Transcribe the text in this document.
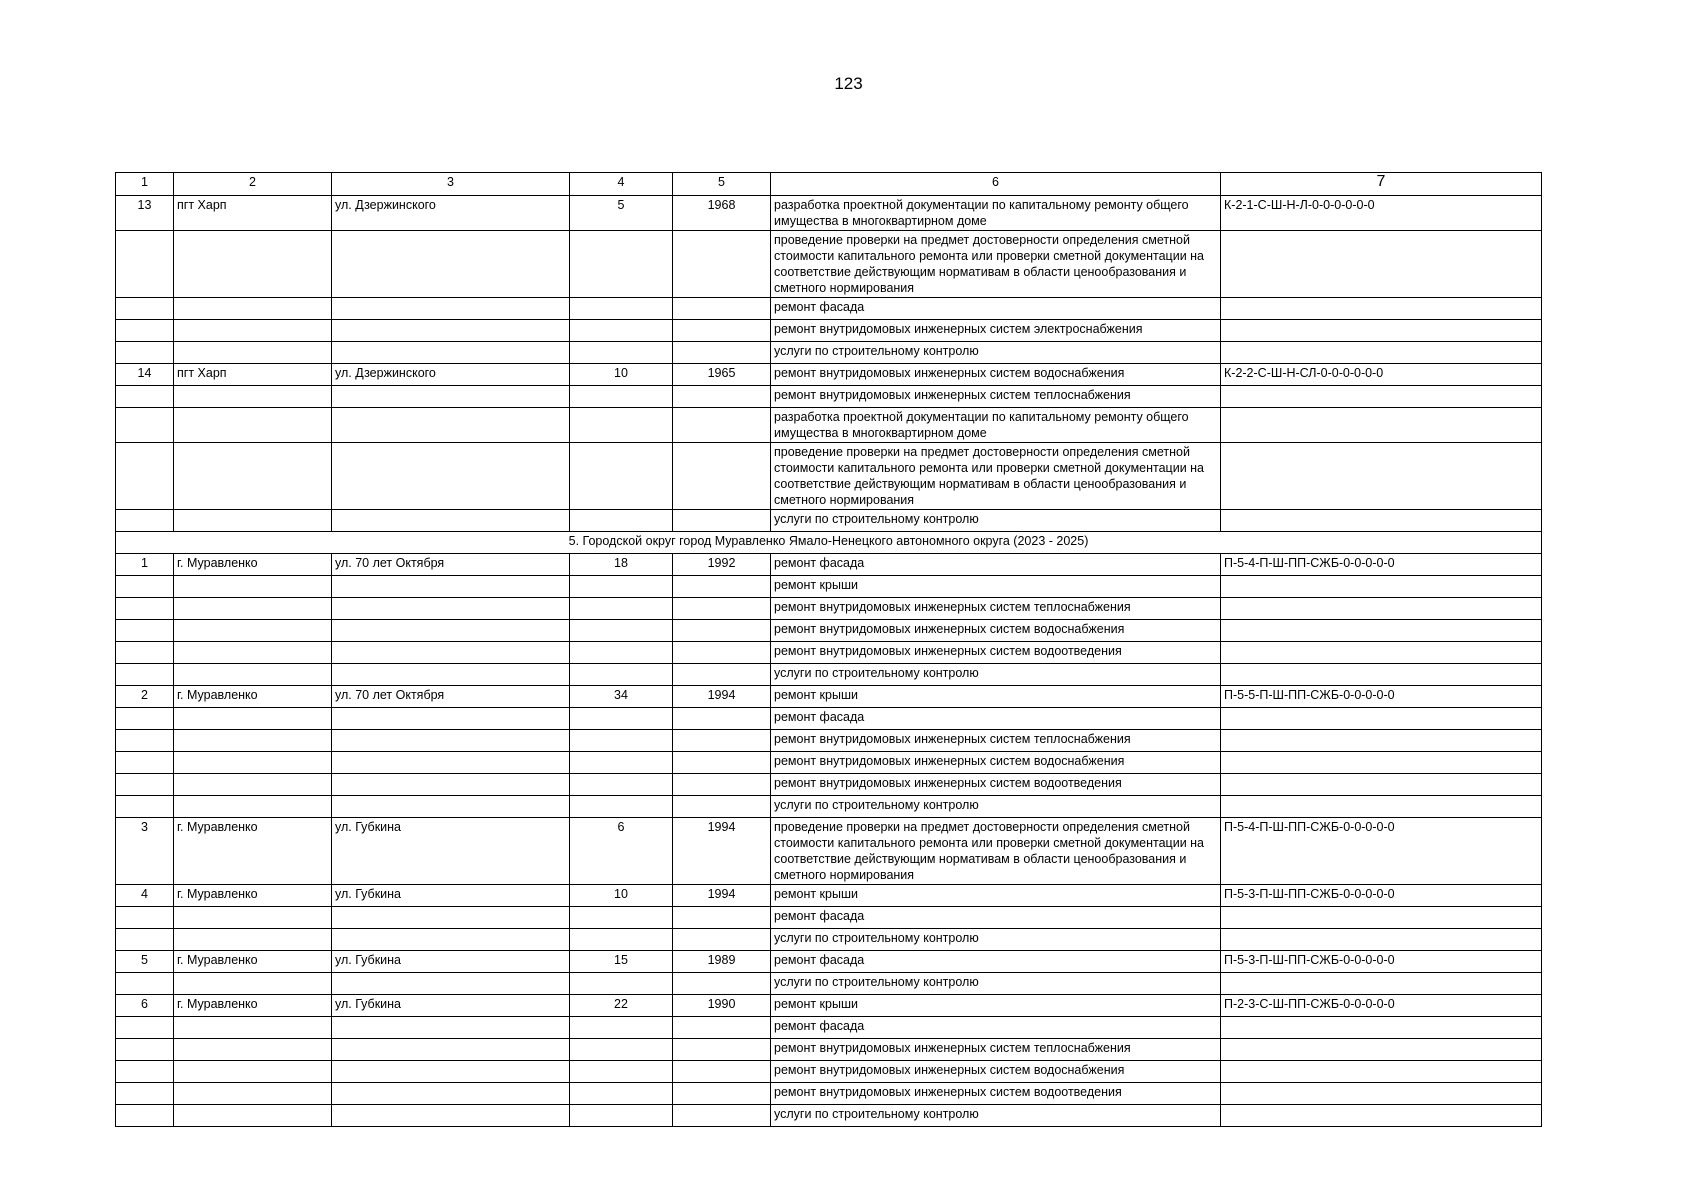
123
1	2	3	4	5	6	7
13	пгт Харп	ул. Дзержинского	5	1968	разработка проектной документации по капитальному ремонту общего имущества в многоквартирном доме	К-2-1-С-Ш-Н-Л-0-0-0-0-0-0
					проведение проверки на предмет достоверности определения сметной стоимости капитального ремонта или проверки сметной документации на соответствие действующим нормативам в области ценообразования и сметного нормирования	
					ремонт фасада	
					ремонт внутридомовых инженерных систем электроснабжения	
					услуги по строительному контролю	
14	пгт Харп	ул. Дзержинского	10	1965	ремонт внутридомовых инженерных систем водоснабжения	К-2-2-С-Ш-Н-СЛ-0-0-0-0-0-0
					ремонт внутридомовых инженерных систем теплоснабжения	
					разработка проектной документации по капитальному ремонту общего имущества в многоквартирном доме	
					проведение проверки на предмет достоверности определения сметной стоимости капитального ремонта или проверки сметной документации на соответствие действующим нормативам в области ценообразования и сметного нормирования	
					услуги по строительному контролю	
5. Городской округ город Муравленко Ямало-Ненецкого автономного округа (2023 - 2025)						
1	г. Муравленко	ул. 70 лет Октября	18	1992	ремонт фасада	П-5-4-П-Ш-ПП-СЖБ-0-0-0-0-0
					ремонт крыши	
					ремонт внутридомовых инженерных систем теплоснабжения	
					ремонт внутридомовых инженерных систем водоснабжения	
					ремонт внутридомовых инженерных систем водоотведения	
					услуги по строительному контролю	
2	г. Муравленко	ул. 70 лет Октября	34	1994	ремонт крыши	П-5-5-П-Ш-ПП-СЖБ-0-0-0-0-0
					ремонт фасада	
					ремонт внутридомовых инженерных систем теплоснабжения	
					ремонт внутридомовых инженерных систем водоснабжения	
					ремонт внутридомовых инженерных систем водоотведения	
					услуги по строительному контролю	
3	г. Муравленко	ул. Губкина	6	1994	проведение проверки на предмет достоверности определения сметной стоимости капитального ремонта или проверки сметной документации на соответствие действующим нормативам в области ценообразования и сметного нормирования	П-5-4-П-Ш-ПП-СЖБ-0-0-0-0-0
4	г. Муравленко	ул. Губкина	10	1994	ремонт крыши	П-5-3-П-Ш-ПП-СЖБ-0-0-0-0-0
					ремонт фасада	
					услуги по строительному контролю	
5	г. Муравленко	ул. Губкина	15	1989	ремонт фасада	П-5-3-П-Ш-ПП-СЖБ-0-0-0-0-0
					услуги по строительному контролю	
6	г. Муравленко	ул. Губкина	22	1990	ремонт крыши	П-2-3-С-Ш-ПП-СЖБ-0-0-0-0-0
					ремонт фасада	
					ремонт внутридомовых инженерных систем теплоснабжения	
					ремонт внутридомовых инженерных систем водоснабжения	
					ремонт внутридомовых инженерных систем водоотведения	
					услуги по строительному контролю	
